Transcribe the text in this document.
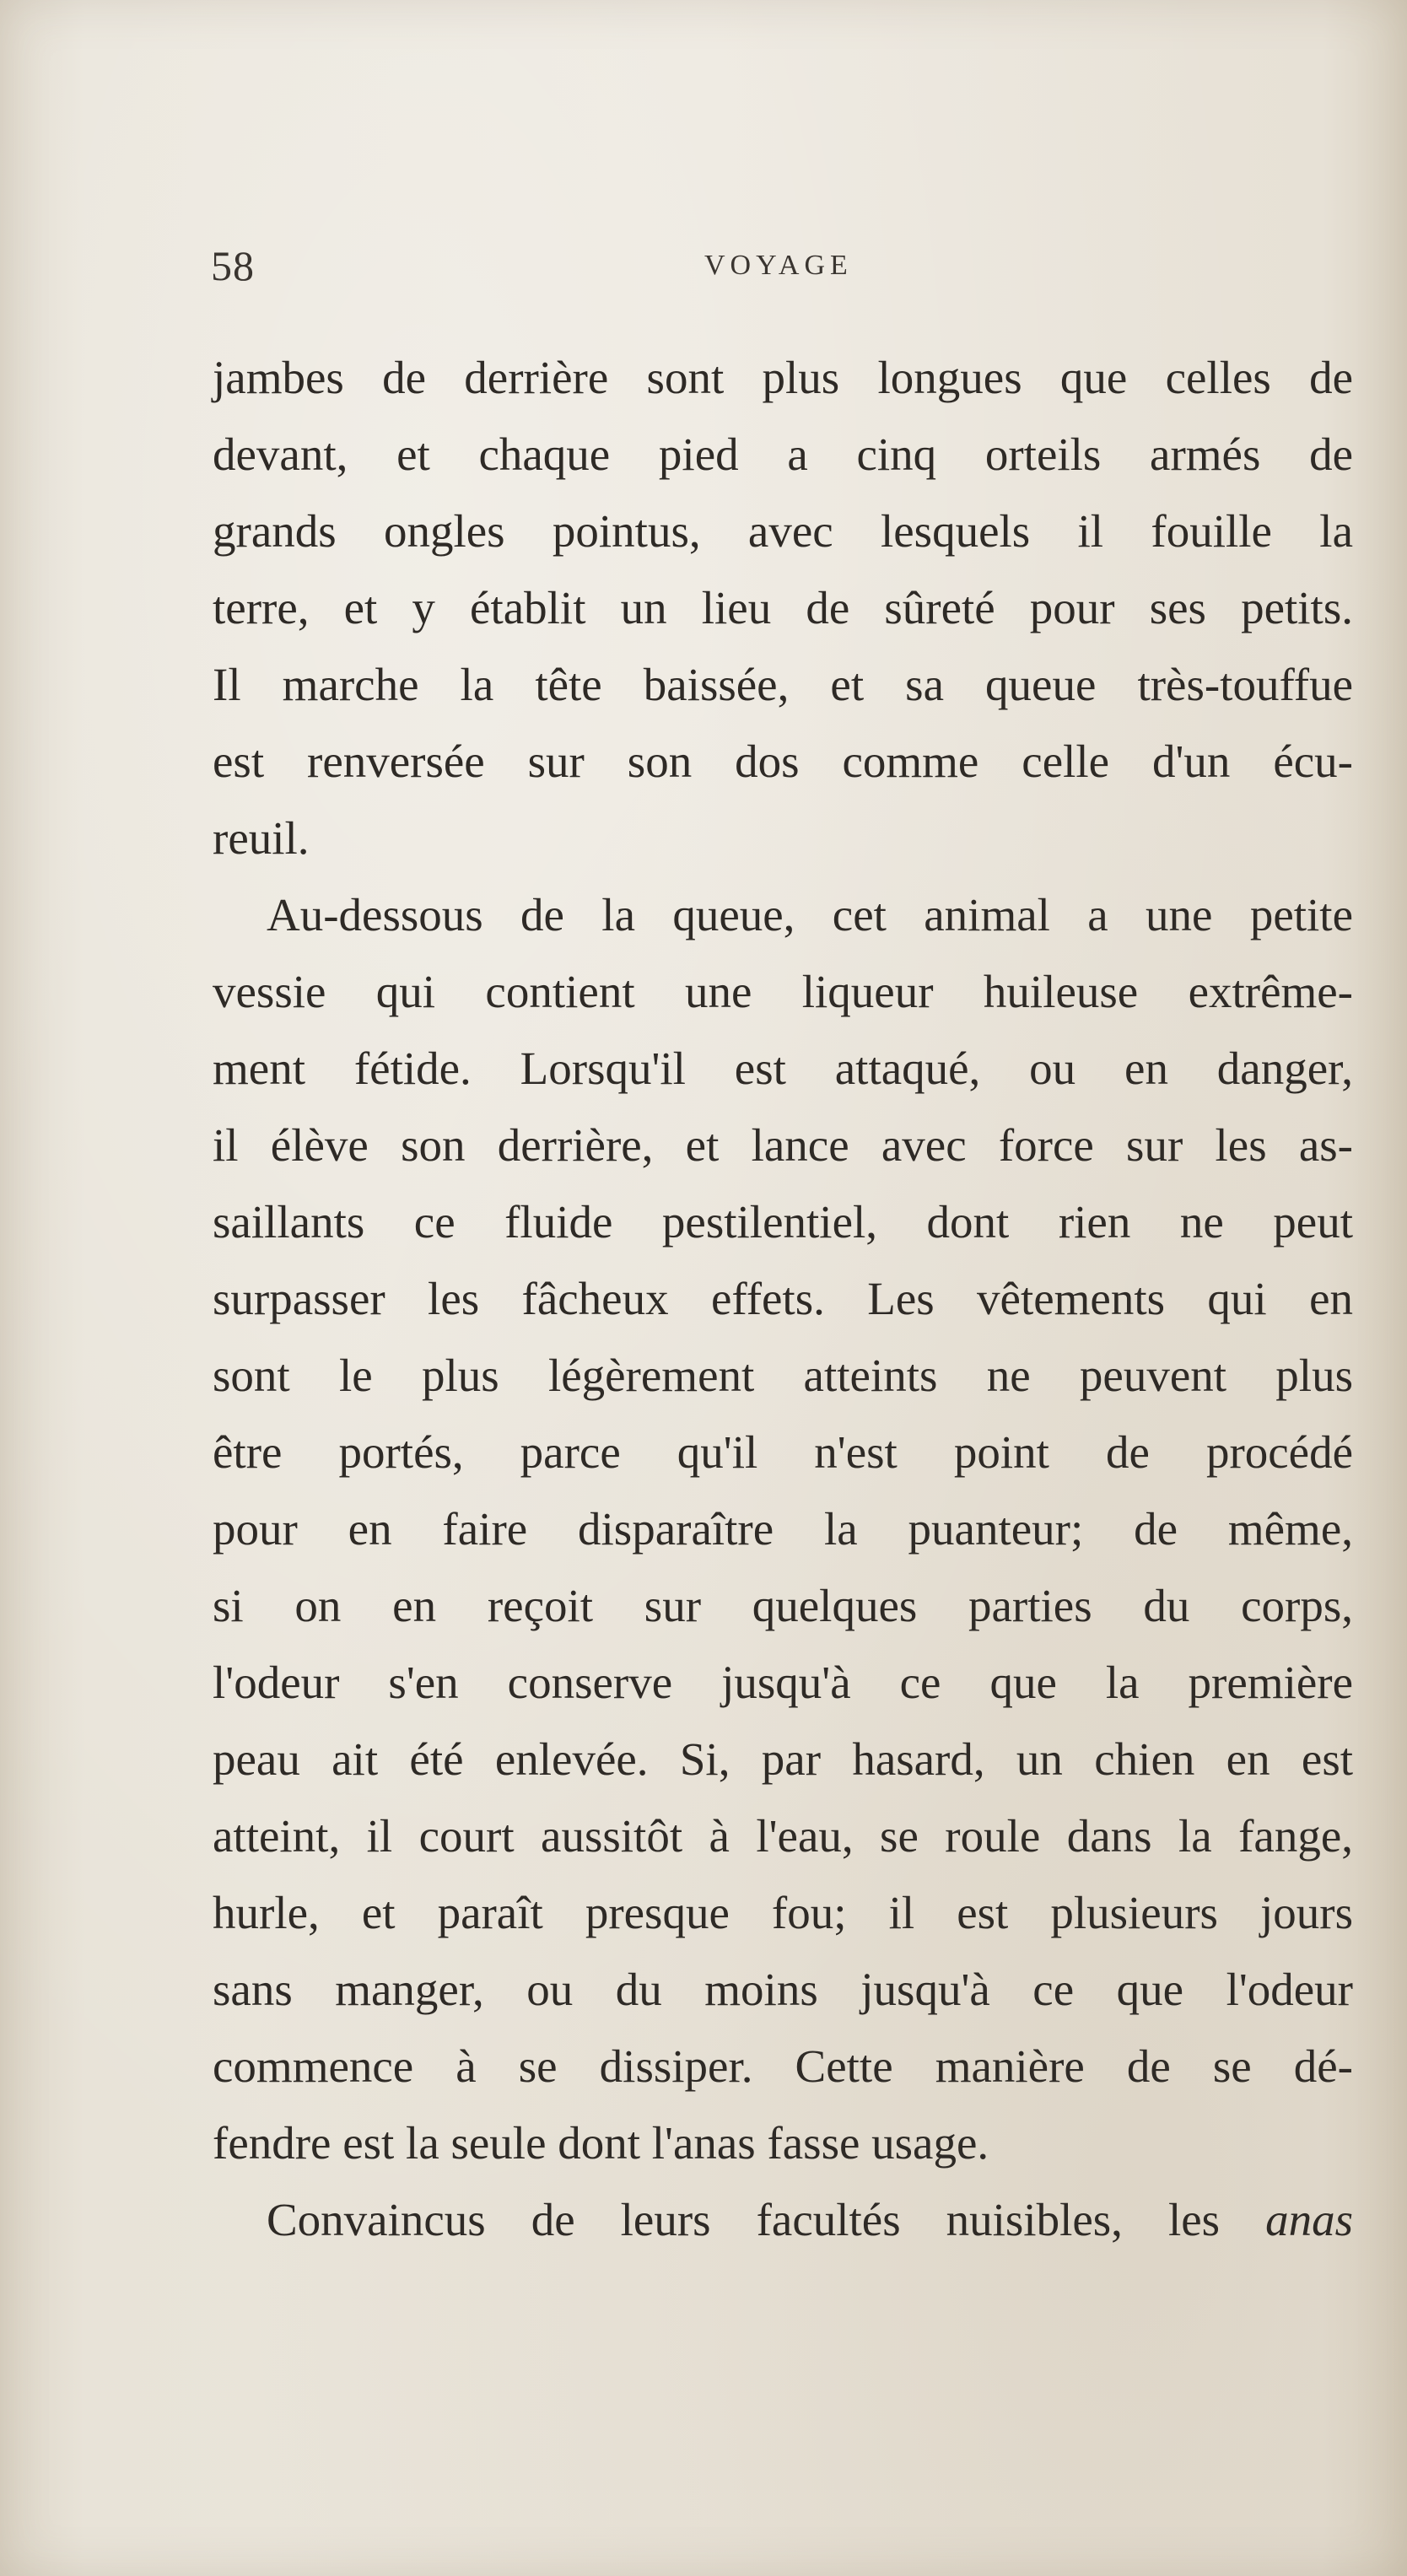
58	VOYAGE
jambes de derrière sont plus longues que celles de
devant, et chaque pied a cinq orteils armés de
grands ongles pointus, avec lesquels il fouille la
terre, et y établit un lieu de sûreté pour ses petits.
Il marche la tête baissée, et sa queue très-touffue
est renversée sur son dos comme celle d'un écu-
reuil.
Au-dessous de la queue, cet animal a une petite
vessie qui contient une liqueur huileuse extrême-
ment fétide. Lorsqu'il est attaqué, ou en danger,
il élève son derrière, et lance avec force sur les as-
saillants ce fluide pestilentiel, dont rien ne peut
surpasser les fâcheux effets. Les vêtements qui en
sont le plus légèrement atteints ne peuvent plus
être portés, parce qu'il n'est point de procédé
pour en faire disparaître la puanteur; de même,
si on en reçoit sur quelques parties du corps,
l'odeur s'en conserve jusqu'à ce que la première
peau ait été enlevée. Si, par hasard, un chien en est
atteint, il court aussitôt à l'eau, se roule dans la fange,
hurle, et paraît presque fou; il est plusieurs jours
sans manger, ou du moins jusqu'à ce que l'odeur
commence à se dissiper. Cette manière de se dé-
fendre est la seule dont l'anas fasse usage.
Convaincus de leurs facultés nuisibles, les anas
